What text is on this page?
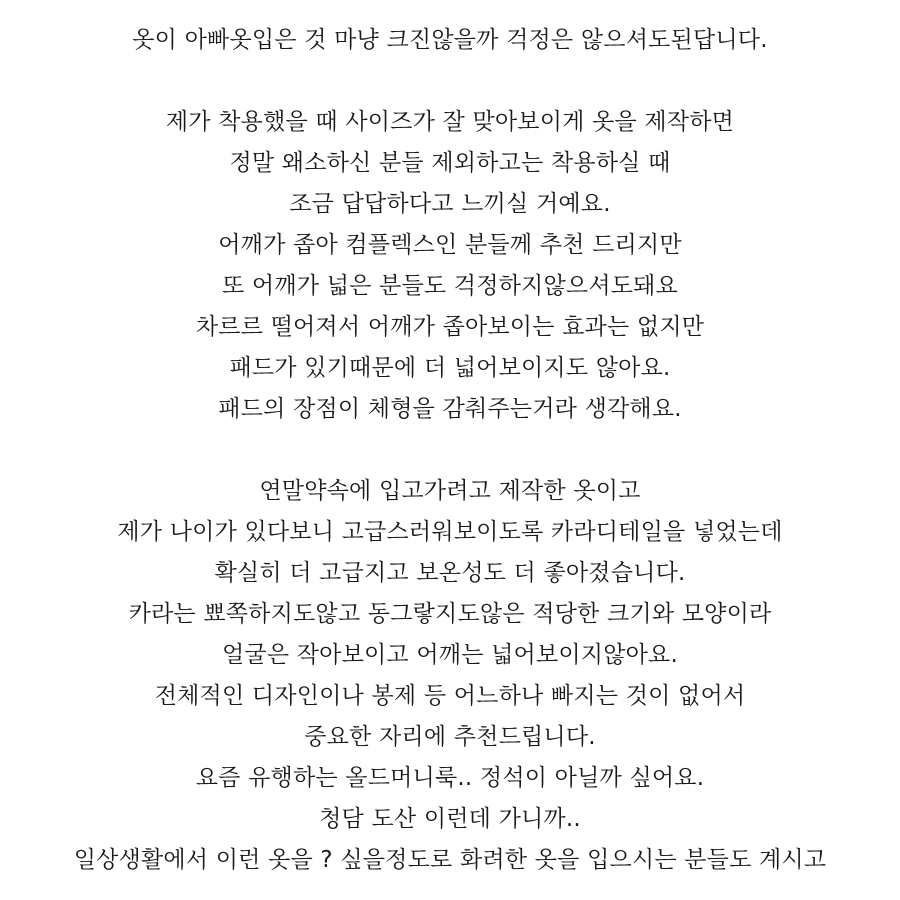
옷이 아빠옷입은 것 마냥 크진않을까 걱정은 않으셔도된답니다.
제가 착용했을 때 사이즈가 잘 맞아보이게 옷을 제작하면
정말 왜소하신 분들 제외하고는 착용하실 때
조금 답답하다고 느끼실 거예요.
어깨가 좁아 컴플렉스인 분들께 추천 드리지만
또 어깨가 넓은 분들도 걱정하지않으셔도돼요
차르르 떨어져서 어깨가 좁아보이는 효과는 없지만
패드가 있기때문에 더 넓어보이지도 않아요.
패드의 장점이 체형을 감춰주는거라 생각해요.
연말약속에 입고가려고 제작한 옷이고
제가 나이가 있다보니 고급스러워보이도록 카라디테일을 넣었는데
확실히 더 고급지고 보온성도 더 좋아졌습니다.
카라는 뾰쪽하지도않고 동그랗지도않은 적당한 크기와 모양이라
얼굴은 작아보이고 어깨는 넓어보이지않아요.
전체적인 디자인이나 봉제 등 어느하나 빠지는 것이 없어서
중요한 자리에 추천드립니다.
요즘 유행하는 올드머니룩.. 정석이 아닐까 싶어요.
청담 도산 이런데 가니까..
일상생활에서 이런 옷을 ? 싶을정도로 화려한 옷을 입으시는 분들도 계시고
